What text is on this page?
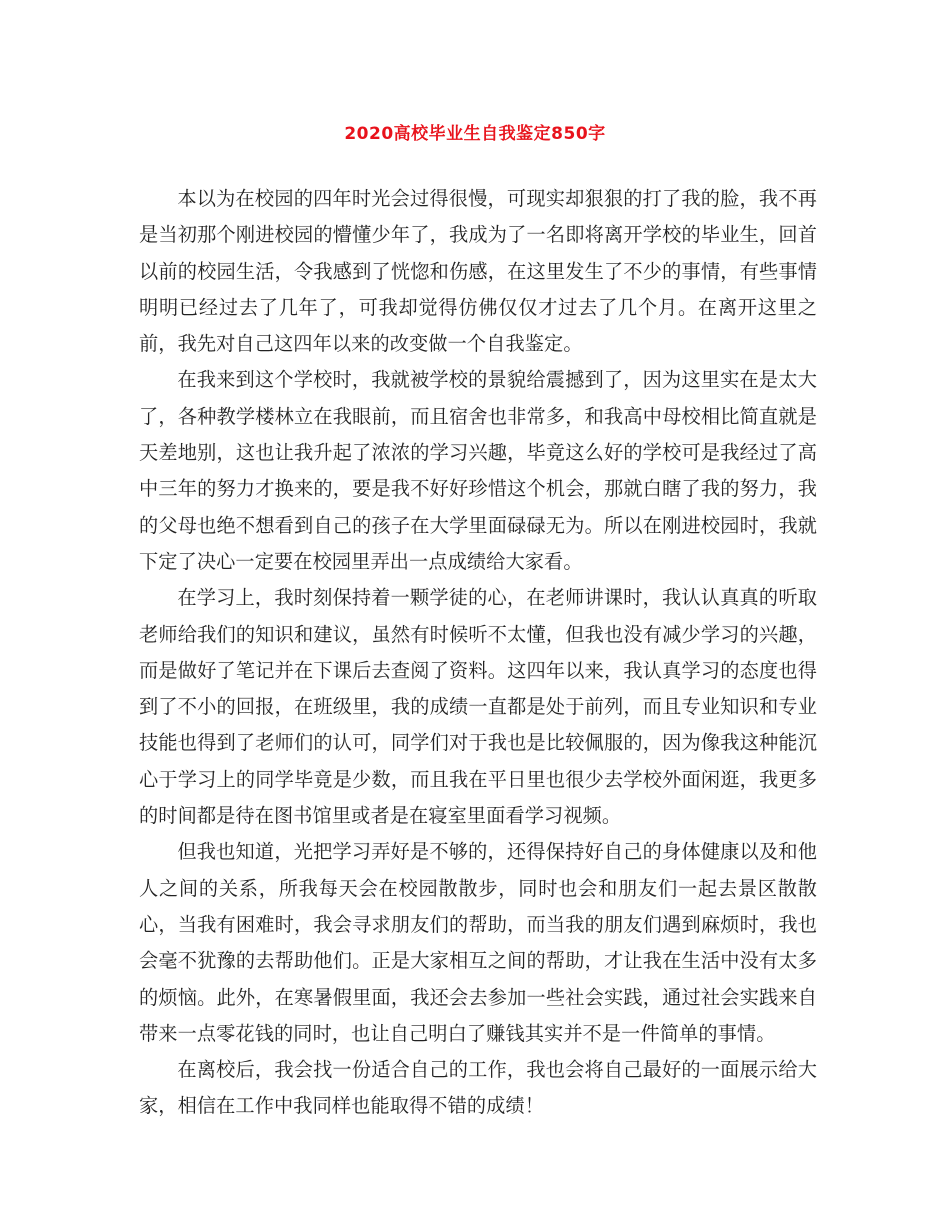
2020高校毕业生自我鉴定850字

本以为在校园的四年时光会过得很慢，可现实却狠狠的打了我的脸，我不再是当初那个刚进校园的懵懂少年了，我成为了一名即将离开学校的毕业生，回首以前的校园生活，令我感到了恍惚和伤感，在这里发生了不少的事情，有些事情明明已经过去了几年了，可我却觉得仿佛仅仅才过去了几个月。在离开这里之前，我先对自己这四年以来的改变做一个自我鉴定。

在我来到这个学校时，我就被学校的景貌给震撼到了，因为这里实在是太大了，各种教学楼林立在我眼前，而且宿舍也非常多，和我高中母校相比简直就是天差地别，这也让我升起了浓浓的学习兴趣，毕竟这么好的学校可是我经过了高中三年的努力才换来的，要是我不好好珍惜这个机会，那就白瞎了我的努力，我的父母也绝不想看到自己的孩子在大学里面碌碌无为。所以在刚进校园时，我就下定了决心一定要在校园里弄出一点成绩给大家看。

在学习上，我时刻保持着一颗学徒的心，在老师讲课时，我认认真真的听取老师给我们的知识和建议，虽然有时候听不太懂，但我也没有减少学习的兴趣，而是做好了笔记并在下课后去查阅了资料。这四年以来，我认真学习的态度也得到了不小的回报，在班级里，我的成绩一直都是处于前列，而且专业知识和专业技能也得到了老师们的认可，同学们对于我也是比较佩服的，因为像我这种能沉心于学习上的同学毕竟是少数，而且我在平日里也很少去学校外面闲逛，我更多的时间都是待在图书馆里或者是在寝室里面看学习视频。

但我也知道，光把学习弄好是不够的，还得保持好自己的身体健康以及和他人之间的关系，所我每天会在校园散散步，同时也会和朋友们一起去景区散散心，当我有困难时，我会寻求朋友们的帮助，而当我的朋友们遇到麻烦时，我也会毫不犹豫的去帮助他们。正是大家相互之间的帮助，才让我在生活中没有太多的烦恼。此外，在寒暑假里面，我还会去参加一些社会实践，通过社会实践来自带来一点零花钱的同时，也让自己明白了赚钱其实并不是一件简单的事情。

在离校后，我会找一份适合自己的工作，我也会将自己最好的一面展示给大家，相信在工作中我同样也能取得不错的成绩！
